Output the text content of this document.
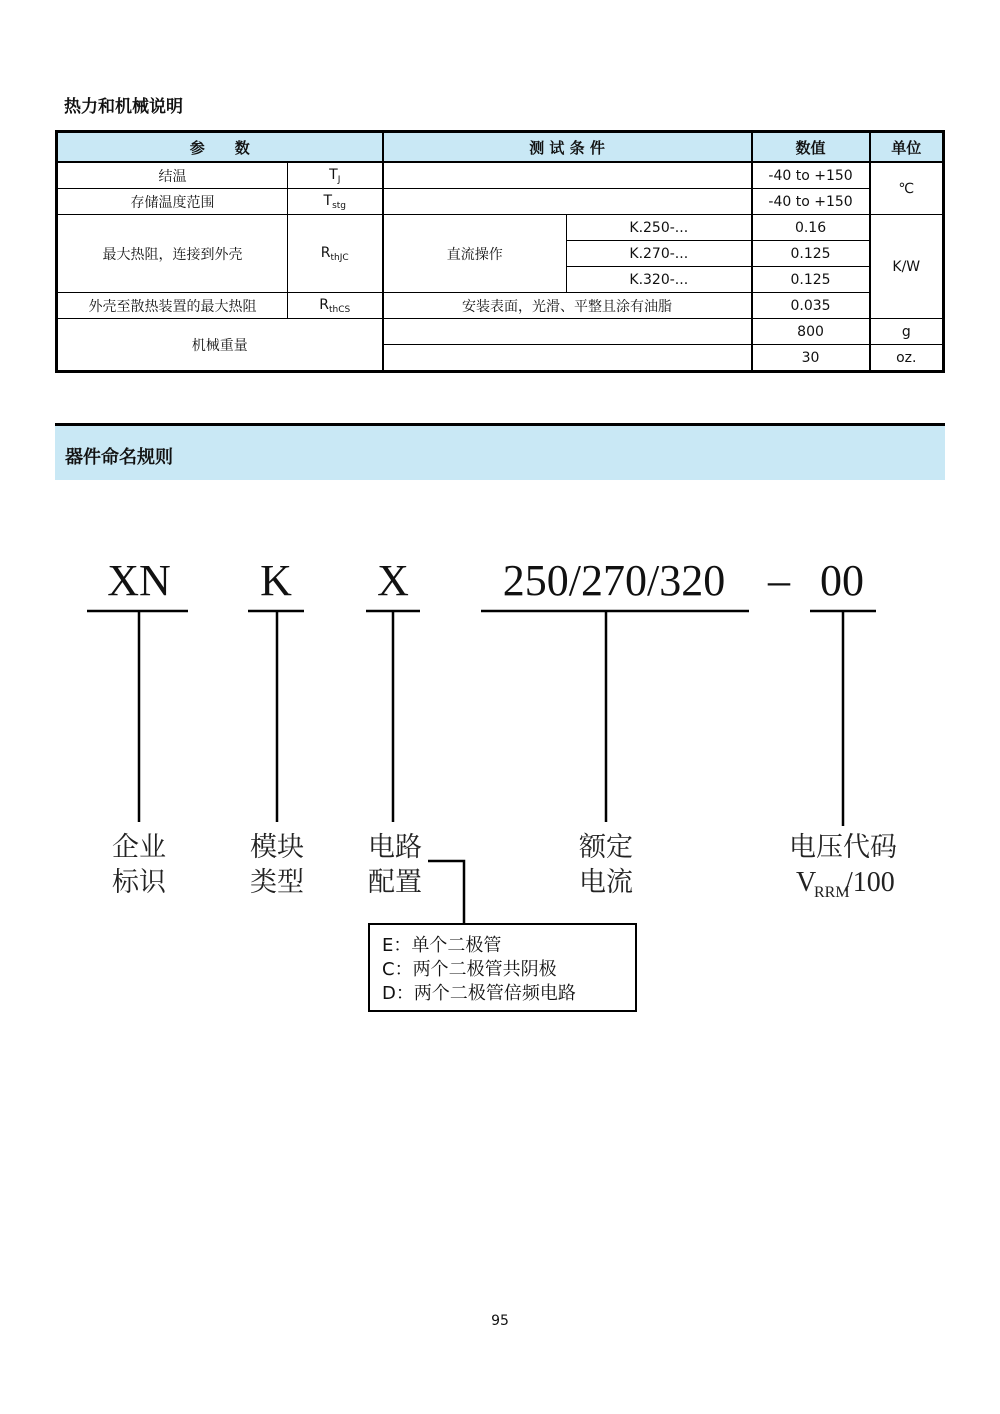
热力和机械说明
参　　数		测 试 条 件		数值	单位
结温	$T_J$			-40 to +150	℃
存储温度范围	$T_{stg}$			-40 to +150	
最大热阻，连接到外壳	$R_{thJC}$	直流操作	K.250-...	0.16	K/W
			K.270-...	0.125	
			K.320-...	0.125	
外壳至散热装置的最大热阻	$R_{thCS}$	安装表面，光滑、平整且涂有油脂		0.035	
机械重量				800	g
				30	oz.
器件命名规则
XN K X 250/270/320 – 00
企业
标识
模块
类型
电路
配置
额定
电流
电压代码
V
RRM
/100
E：单个二极管
C：两个二极管共阴极
D：两个二极管倍频电路
95
